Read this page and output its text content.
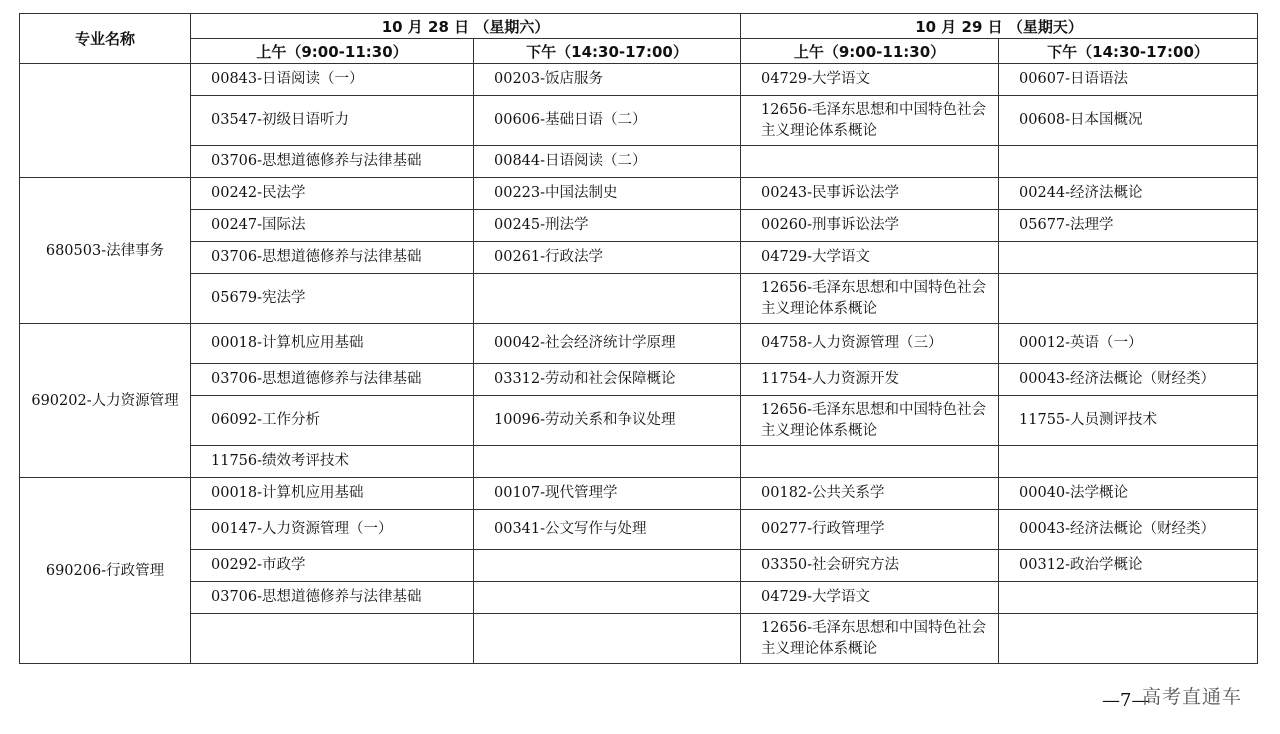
专业名称	10 月 28 日 （星期六）		10 月 29 日 （星期天）	
	上午（9:00-11:30）	下午（14:30-17:00）	上午（9:00-11:30）	下午（14:30-17:00）
	00843-日语阅读（一）	00203-饭店服务	04729-大学语文	00607-日语语法
	03547-初级日语听力	00606-基础日语（二）	12656-毛泽东思想和中国特色社会主义理论体系概论	00608-日本国概况
	03706-思想道德修养与法律基础	00844-日语阅读（二）		
680503-法律事务	00242-民法学	00223-中国法制史	00243-民事诉讼法学	00244-经济法概论
	00247-国际法	00245-刑法学	00260-刑事诉讼法学	05677-法理学
	03706-思想道德修养与法律基础	00261-行政法学	04729-大学语文	
	05679-宪法学		12656-毛泽东思想和中国特色社会主义理论体系概论	
690202-人力资源管理	00018-计算机应用基础	00042-社会经济统计学原理	04758-人力资源管理（三）	00012-英语（一）
	03706-思想道德修养与法律基础	03312-劳动和社会保障概论	11754-人力资源开发	00043-经济法概论（财经类）
	06092-工作分析	10096-劳动关系和争议处理	12656-毛泽东思想和中国特色社会主义理论体系概论	11755-人员测评技术
	11756-绩效考评技术			
690206-行政管理	00018-计算机应用基础	00107-现代管理学	00182-公共关系学	00040-法学概论
	00147-人力资源管理（一）	00341-公文写作与处理	00277-行政管理学	00043-经济法概论（财经类）
	00292-市政学		03350-社会研究方法	00312-政治学概论
	03706-思想道德修养与法律基础		04729-大学语文	
			12656-毛泽东思想和中国特色社会主义理论体系概论	
—7—
高考直通车
